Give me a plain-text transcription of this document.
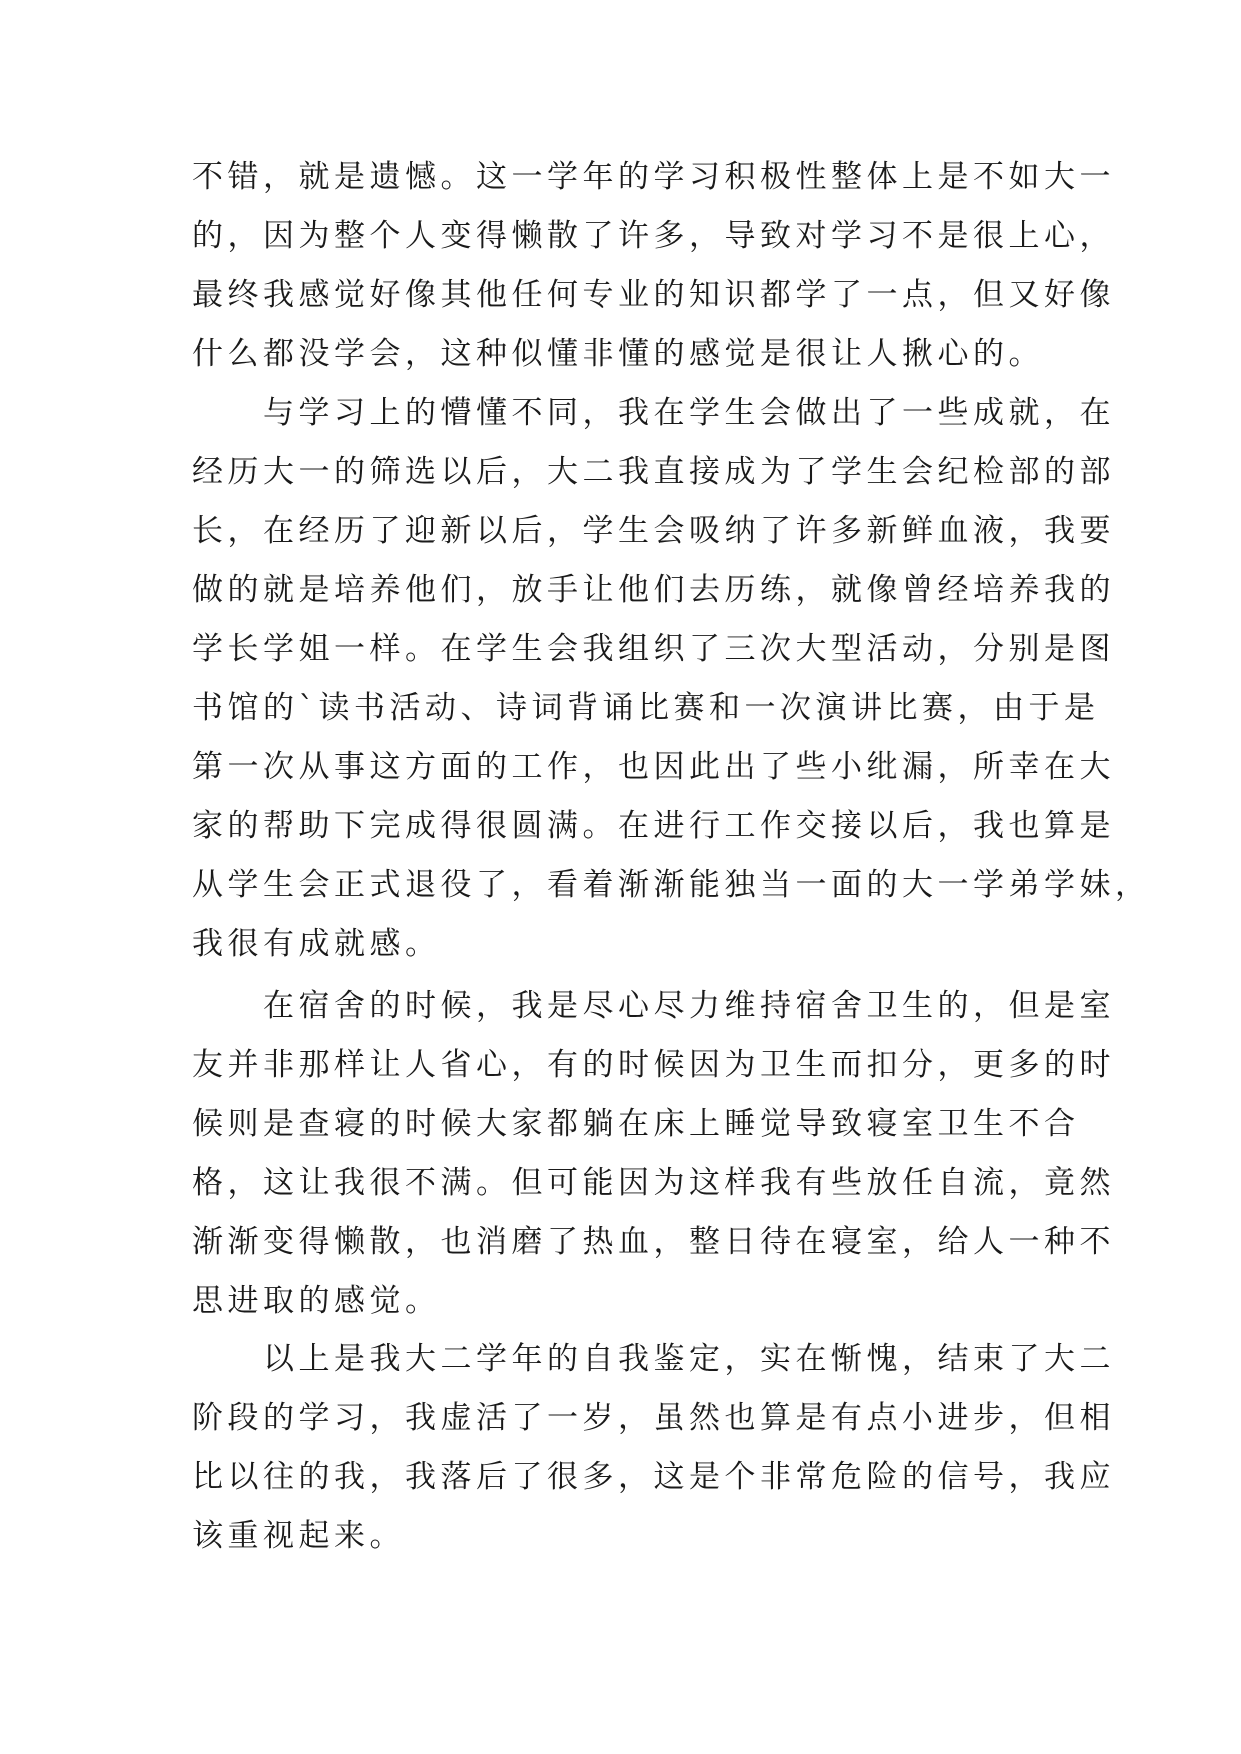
不错，就是遗憾。这一学年的学习积极性整体上是不如大一
的，因为整个人变得懒散了许多，导致对学习不是很上心，
最终我感觉好像其他任何专业的知识都学了一点，但又好像
什么都没学会，这种似懂非懂的感觉是很让人揪心的。
　　与学习上的懵懂不同，我在学生会做出了一些成就，在
经历大一的筛选以后，大二我直接成为了学生会纪检部的部
长，在经历了迎新以后，学生会吸纳了许多新鲜血液，我要
做的就是培养他们，放手让他们去历练，就像曾经培养我的
学长学姐一样。在学生会我组织了三次大型活动，分别是图
书馆的`读书活动、诗词背诵比赛和一次演讲比赛，由于是
第一次从事这方面的工作，也因此出了些小纰漏，所幸在大
家的帮助下完成得很圆满。在进行工作交接以后，我也算是
从学生会正式退役了，看着渐渐能独当一面的大一学弟学妹，
我很有成就感。
　　在宿舍的时候，我是尽心尽力维持宿舍卫生的，但是室
友并非那样让人省心，有的时候因为卫生而扣分，更多的时
候则是查寝的时候大家都躺在床上睡觉导致寝室卫生不合
格，这让我很不满。但可能因为这样我有些放任自流，竟然
渐渐变得懒散，也消磨了热血，整日待在寝室，给人一种不
思进取的感觉。
　　以上是我大二学年的自我鉴定，实在惭愧，结束了大二
阶段的学习，我虚活了一岁，虽然也算是有点小进步，但相
比以往的我，我落后了很多，这是个非常危险的信号，我应
该重视起来。
